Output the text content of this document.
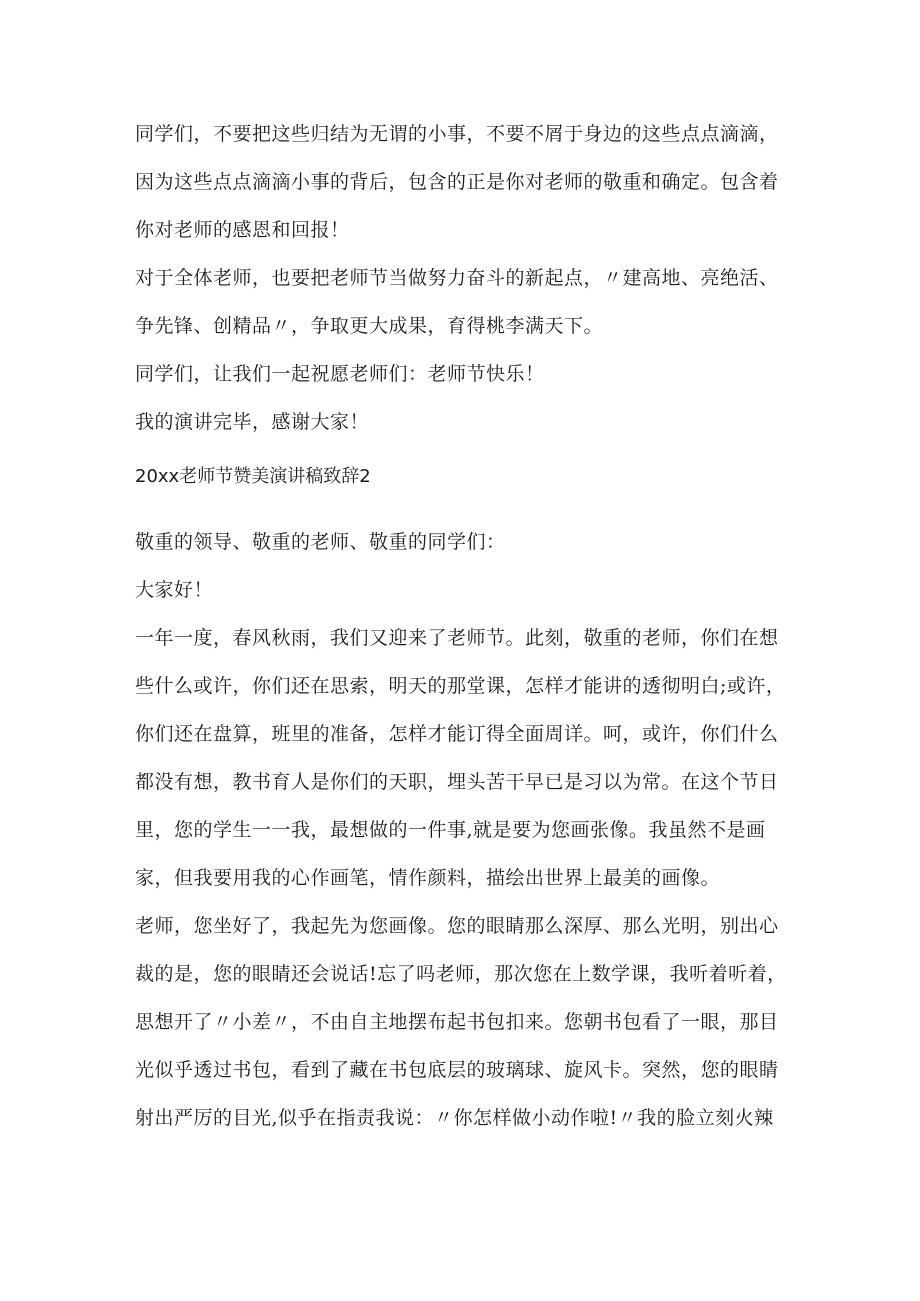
同学们，不要把这些归结为无谓的小事，不要不屑于身边的这些点点滴滴，

因为这些点点滴滴小事的背后，包含的正是你对老师的敬重和确定。包含着

你对老师的感恩和回报！

对于全体老师，也要把老师节当做努力奋斗的新起点，〃建高地、亮绝活、

争先锋、创精品〃，争取更大成果，育得桃李满天下。

同学们，让我们一起祝愿老师们：老师节快乐！

我的演讲完毕，感谢大家！

20xx老师节赞美演讲稿致辞2

敬重的领导、敬重的老师、敬重的同学们：

大家好！

一年一度，春风秋雨，我们又迎来了老师节。此刻，敬重的老师，你们在想

些什么或许，你们还在思索，明天的那堂课，怎样才能讲的透彻明白;或许，

你们还在盘算，班里的准备，怎样才能订得全面周详。呵，或许，你们什么

都没有想，教书育人是你们的天职，埋头苦干早已是习以为常。在这个节日

里，您的学生一一我，最想做的一件事,就是要为您画张像。我虽然不是画

家，但我要用我的心作画笔，情作颜料，描绘出世界上最美的画像。

老师，您坐好了，我起先为您画像。您的眼睛那么深厚、那么光明，别出心

裁的是，您的眼睛还会说话!忘了吗老师，那次您在上数学课，我听着听着，

思想开了〃小差〃，不由自主地摆布起书包扣来。您朝书包看了一眼，那目

光似乎透过书包，看到了藏在书包底层的玻璃球、旋风卡。突然，您的眼睛

射出严厉的目光,似乎在指责我说：〃你怎样做小动作啦!〃我的脸立刻火辣
